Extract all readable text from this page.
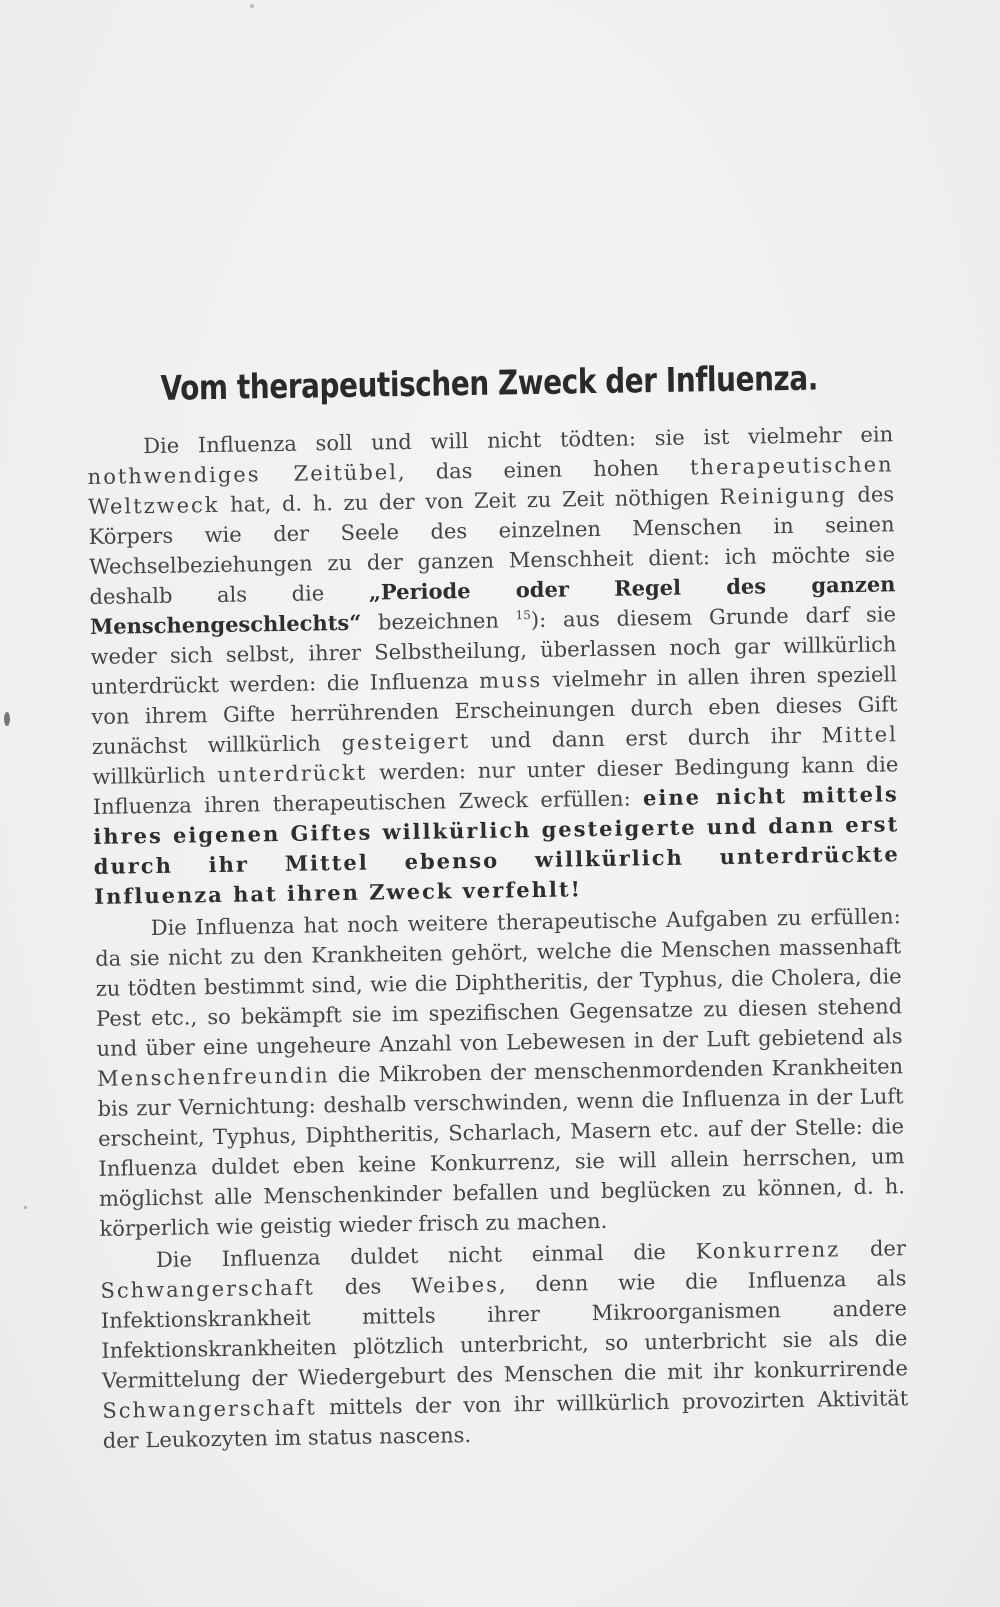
Vom therapeutischen Zweck der Influenza.

Die Influenza soll und will nicht tödten: sie ist vielmehr ein nothwendiges Zeitübel, das einen hohen therapeutischen Weltzweck hat, d. h. zu der von Zeit zu Zeit nöthigen Reinigung des Körpers wie der Seele des einzelnen Menschen in seinen Wechselbeziehungen zu der ganzen Menschheit dient: ich möchte sie deshalb als die „Periode oder Regel des ganzen Menschengeschlechts“ bezeichnen $^{15}$): aus diesem Grunde darf sie weder sich selbst, ihrer Selbstheilung, überlassen noch gar willkürlich unterdrückt werden: die Influenza muss vielmehr in allen ihren speziell von ihrem Gifte herrührenden Erscheinungen durch eben dieses Gift zunächst willkürlich gesteigert und dann erst durch ihr Mittel willkürlich unterdrückt werden: nur unter dieser Bedingung kann die Influenza ihren therapeutischen Zweck erfüllen: eine nicht mittels ihres eigenen Giftes willkürlich gesteigerte und dann erst durch ihr Mittel ebenso willkürlich unterdrückte Influenza hat ihren Zweck verfehlt!

Die Influenza hat noch weitere therapeutische Aufgaben zu erfüllen: da sie nicht zu den Krankheiten gehört, welche die Menschen massenhaft zu tödten bestimmt sind, wie die Diphtheritis, der Typhus, die Cholera, die Pest etc., so bekämpft sie im spezifischen Gegensatze zu diesen stehend und über eine ungeheure Anzahl von Lebewesen in der Luft gebietend als Menschenfreundin die Mikroben der menschenmordenden Krankheiten bis zur Vernichtung: deshalb verschwinden, wenn die Influenza in der Luft erscheint, Typhus, Diphtheritis, Scharlach, Masern etc. auf der Stelle: die Influenza duldet eben keine Konkurrenz, sie will allein herrschen, um möglichst alle Menschenkinder befallen und beglücken zu können, d. h. körperlich wie geistig wieder frisch zu machen.

Die Influenza duldet nicht einmal die Konkurrenz der Schwangerschaft des Weibes, denn wie die Influenza als Infektionskrankheit mittels ihrer Mikroorganismen andere Infektionskrankheiten plötzlich unterbricht, so unterbricht sie als die Vermittelung der Wiedergeburt des Menschen die mit ihr konkurrirende Schwangerschaft mittels der von ihr willkürlich provozirten Aktivität der Leukozyten im status nascens.
